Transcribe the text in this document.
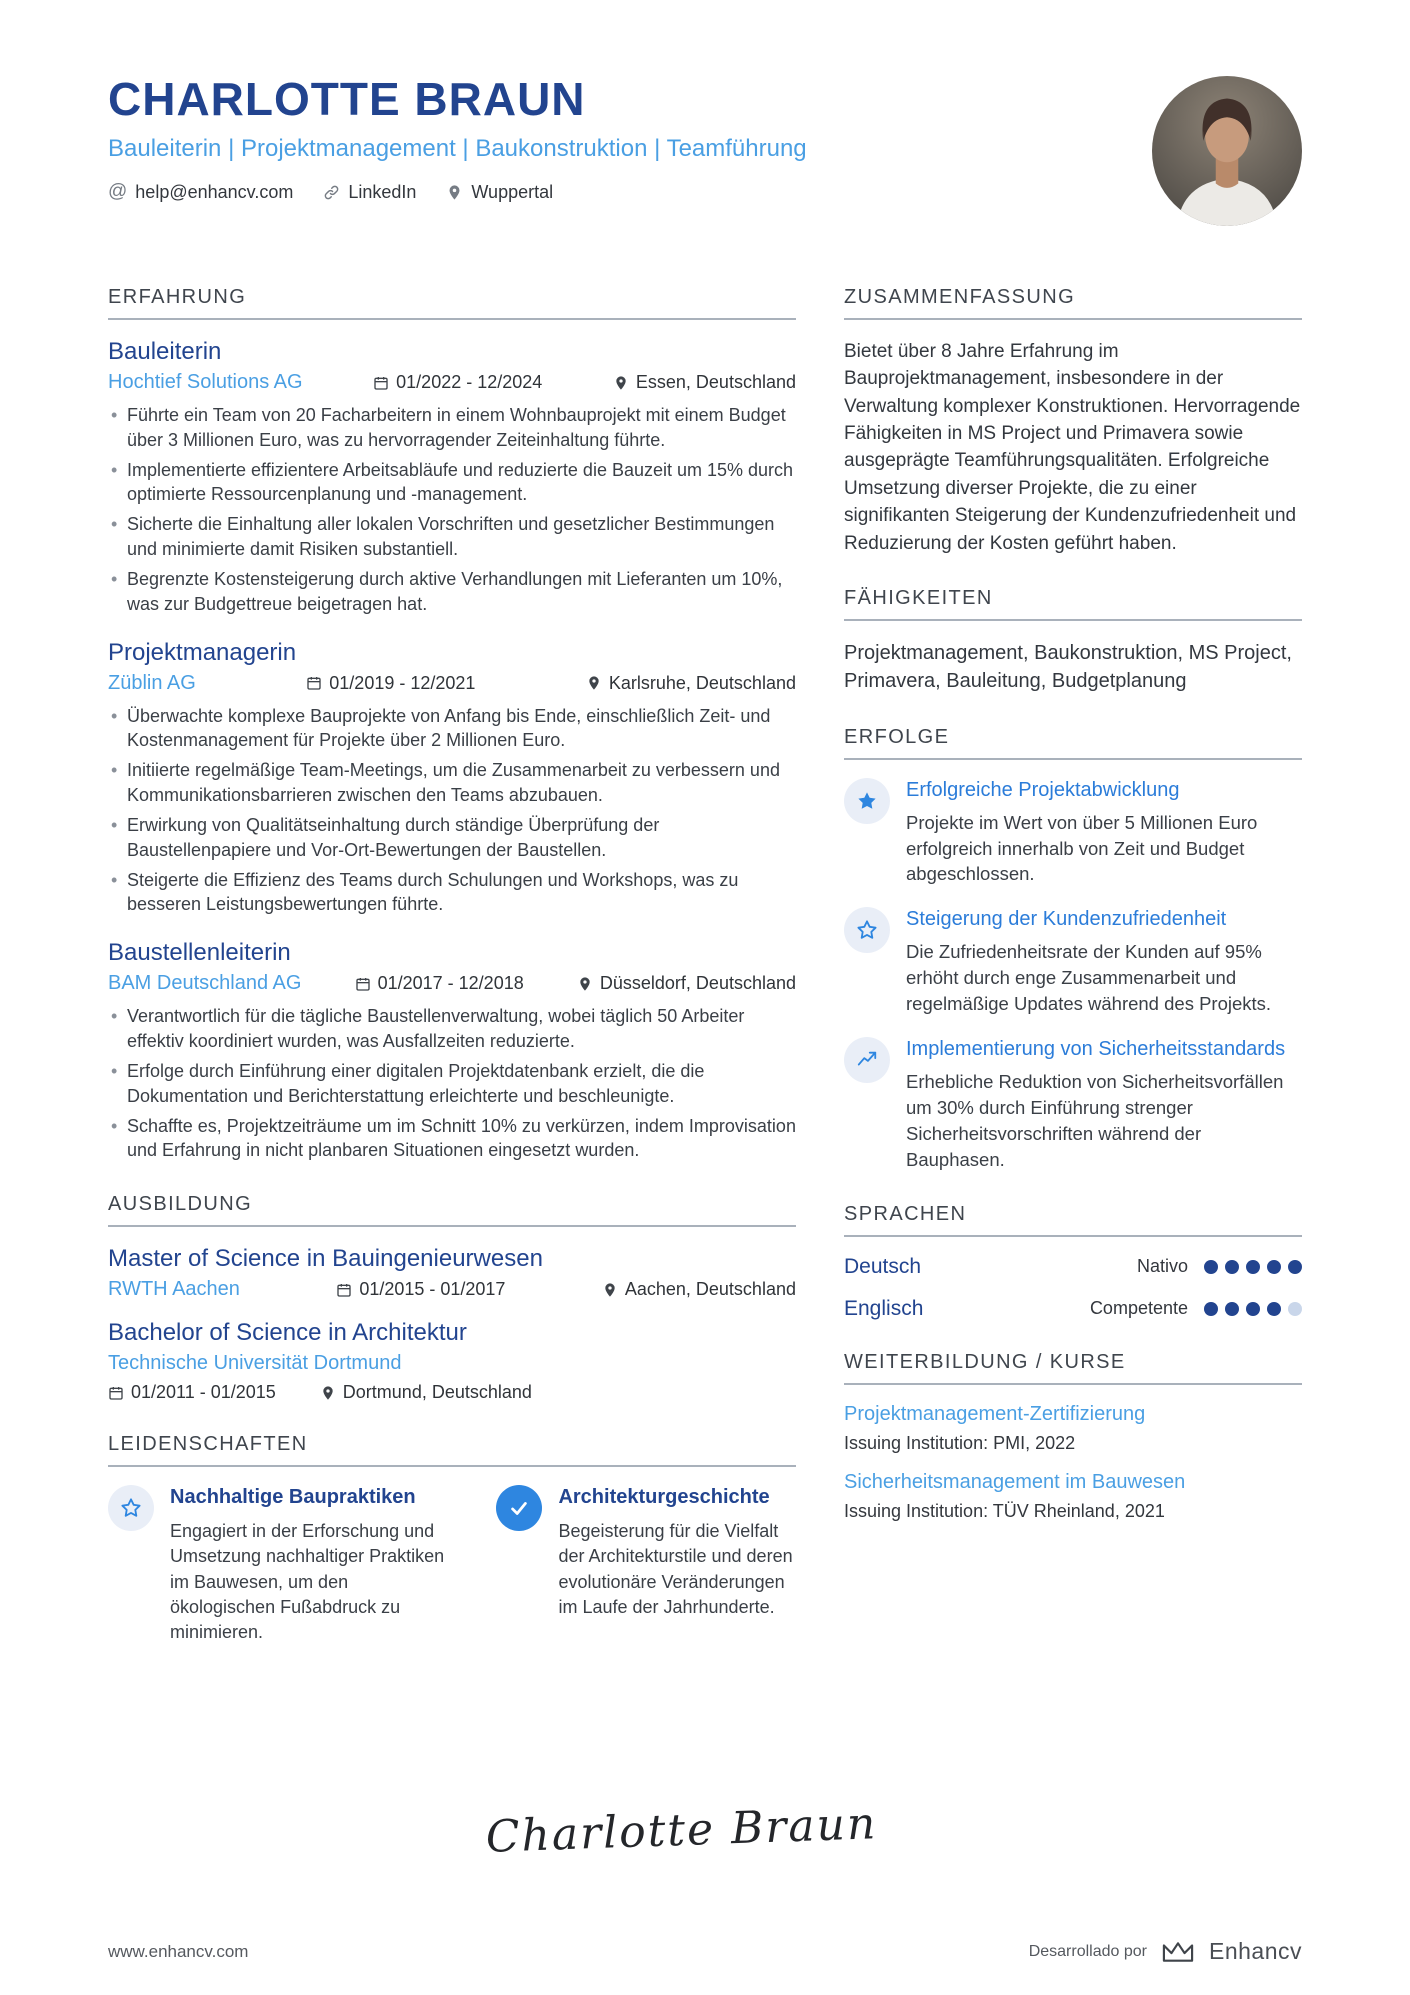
CHARLOTTE BRAUN
Bauleiterin | Projektmanagement | Baukonstruktion | Teamführung
@ help@enhancv.com	LinkedIn	Wuppertal
ERFAHRUNG
Bauleiterin
Hochtief Solutions AG	01/2022 - 12/2024	Essen, Deutschland
• Führte ein Team von 20 Facharbeitern in einem Wohnbauprojekt mit einem Budget über 3 Millionen Euro, was zu hervorragender Zeiteinhaltung führte.
• Implementierte effizientere Arbeitsabläufe und reduzierte die Bauzeit um 15% durch optimierte Ressourcenplanung und -management.
• Sicherte die Einhaltung aller lokalen Vorschriften und gesetzlicher Bestimmungen und minimierte damit Risiken substantiell.
• Begrenzte Kostensteigerung durch aktive Verhandlungen mit Lieferanten um 10%, was zur Budgettreue beigetragen hat.
Projektmanagerin
Züblin AG	01/2019 - 12/2021	Karlsruhe, Deutschland
• Überwachte komplexe Bauprojekte von Anfang bis Ende, einschließlich Zeit- und Kostenmanagement für Projekte über 2 Millionen Euro.
• Initiierte regelmäßige Team-Meetings, um die Zusammenarbeit zu verbessern und Kommunikationsbarrieren zwischen den Teams abzubauen.
• Erwirkung von Qualitätseinhaltung durch ständige Überprüfung der Baustellenpapiere und Vor-Ort-Bewertungen der Baustellen.
• Steigerte die Effizienz des Teams durch Schulungen und Workshops, was zu besseren Leistungsbewertungen führte.
Baustellenleiterin
BAM Deutschland AG	01/2017 - 12/2018	Düsseldorf, Deutschland
• Verantwortlich für die tägliche Baustellenverwaltung, wobei täglich 50 Arbeiter effektiv koordiniert wurden, was Ausfallzeiten reduzierte.
• Erfolge durch Einführung einer digitalen Projektdatenbank erzielt, die die Dokumentation und Berichterstattung erleichterte und beschleunigte.
• Schaffte es, Projektzeiträume um im Schnitt 10% zu verkürzen, indem Improvisation und Erfahrung in nicht planbaren Situationen eingesetzt wurden.
AUSBILDUNG
Master of Science in Bauingenieurwesen
RWTH Aachen	01/2015 - 01/2017	Aachen, Deutschland
Bachelor of Science in Architektur
Technische Universität Dortmund
01/2011 - 01/2015	Dortmund, Deutschland
LEIDENSCHAFTEN
Nachhaltige Baupraktiken
Engagiert in der Erforschung und Umsetzung nachhaltiger Praktiken im Bauwesen, um den ökologischen Fußabdruck zu minimieren.
Architekturgeschichte
Begeisterung für die Vielfalt der Architekturstile und deren evolutionäre Veränderungen im Laufe der Jahrhunderte.
ZUSAMMENFASSUNG

Bietet über 8 Jahre Erfahrung im Bauprojektmanagement, insbesondere in der Verwaltung komplexer Konstruktionen. Hervorragende Fähigkeiten in MS Project und Primavera sowie ausgeprägte Teamführungsqualitäten. Erfolgreiche Umsetzung diverser Projekte, die zu einer signifikanten Steigerung der Kundenzufriedenheit und Reduzierung der Kosten geführt haben.

FÄHIGKEITEN

Projektmanagement, Baukonstruktion, MS Project, Primavera, Bauleitung, Budgetplanung

ERFOLGE
Erfolgreiche Projektabwicklung
Projekte im Wert von über 5 Millionen Euro erfolgreich innerhalb von Zeit und Budget abgeschlossen.
Steigerung der Kundenzufriedenheit
Die Zufriedenheitsrate der Kunden auf 95% erhöht durch enge Zusammenarbeit und regelmäßige Updates während des Projekts.
Implementierung von Sicherheitsstandards
Erhebliche Reduktion von Sicherheitsvorfällen um 30% durch Einführung strenger Sicherheitsvorschriften während der Bauphasen.
SPRACHEN
Deutsch	Nativo
Englisch	Competente
WEITERBILDUNG / KURSE
Projektmanagement-Zertifizierung
Issuing Institution: PMI, 2022
Sicherheitsmanagement im Bauwesen
Issuing Institution: TÜV Rheinland, 2021
Charlotte Braun
www.enhancv.com	Desarrollado por	Enhancv
